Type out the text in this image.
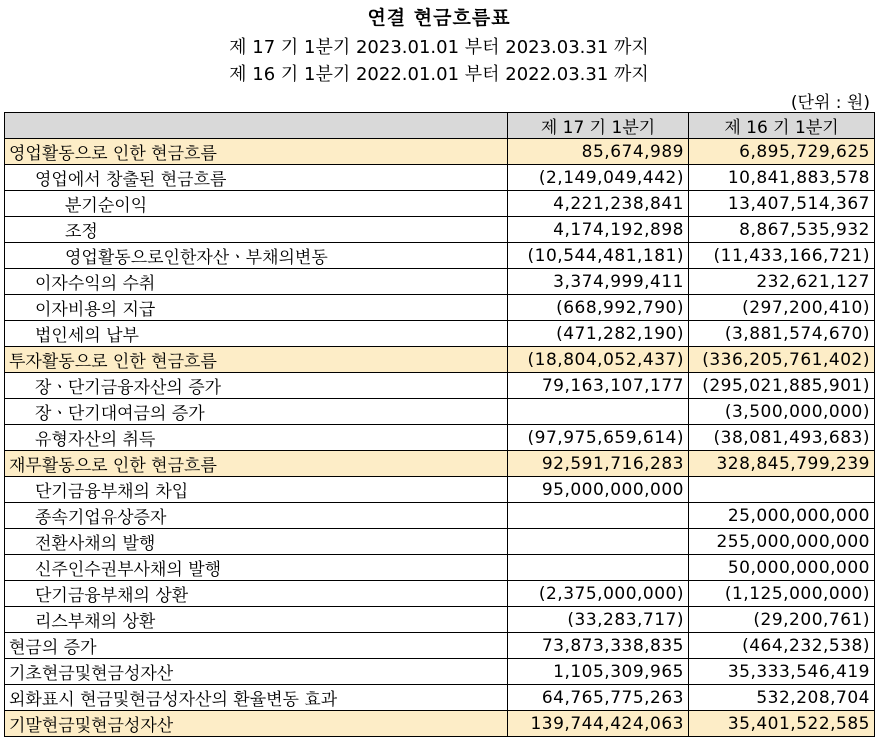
연결 현금흐름표
제 17 기 1분기 2023.01.01 부터 2023.03.31 까지
제 16 기 1분기 2022.01.01 부터 2022.03.31 까지
(단위 : 원)
	제 17 기 1분기	제 16 기 1분기
영업활동으로 인한 현금흐름	85,674,989	6,895,729,625
영업에서 창출된 현금흐름	(2,149,049,442)	10,841,883,578
분기순이익	4,221,238,841	13,407,514,367
조정	4,174,192,898	8,867,535,932
영업활동으로인한자산ㆍ부채의변동	(10,544,481,181)	(11,433,166,721)
이자수익의 수취	3,374,999,411	232,621,127
이자비용의 지급	(668,992,790)	(297,200,410)
법인세의 납부	(471,282,190)	(3,881,574,670)
투자활동으로 인한 현금흐름	(18,804,052,437)	(336,205,761,402)
장ㆍ단기금융자산의 증가	79,163,107,177	(295,021,885,901)
장ㆍ단기대여금의 증가		(3,500,000,000)
유형자산의 취득	(97,975,659,614)	(38,081,493,683)
재무활동으로 인한 현금흐름	92,591,716,283	328,845,799,239
단기금융부채의 차입	95,000,000,000	
종속기업유상증자		25,000,000,000
전환사채의 발행		255,000,000,000
신주인수권부사채의 발행		50,000,000,000
단기금융부채의 상환	(2,375,000,000)	(1,125,000,000)
리스부채의 상환	(33,283,717)	(29,200,761)
현금의 증가	73,873,338,835	(464,232,538)
기초현금및현금성자산	1,105,309,965	35,333,546,419
외화표시 현금및현금성자산의 환율변동 효과	64,765,775,263	532,208,704
기말현금및현금성자산	139,744,424,063	35,401,522,585
